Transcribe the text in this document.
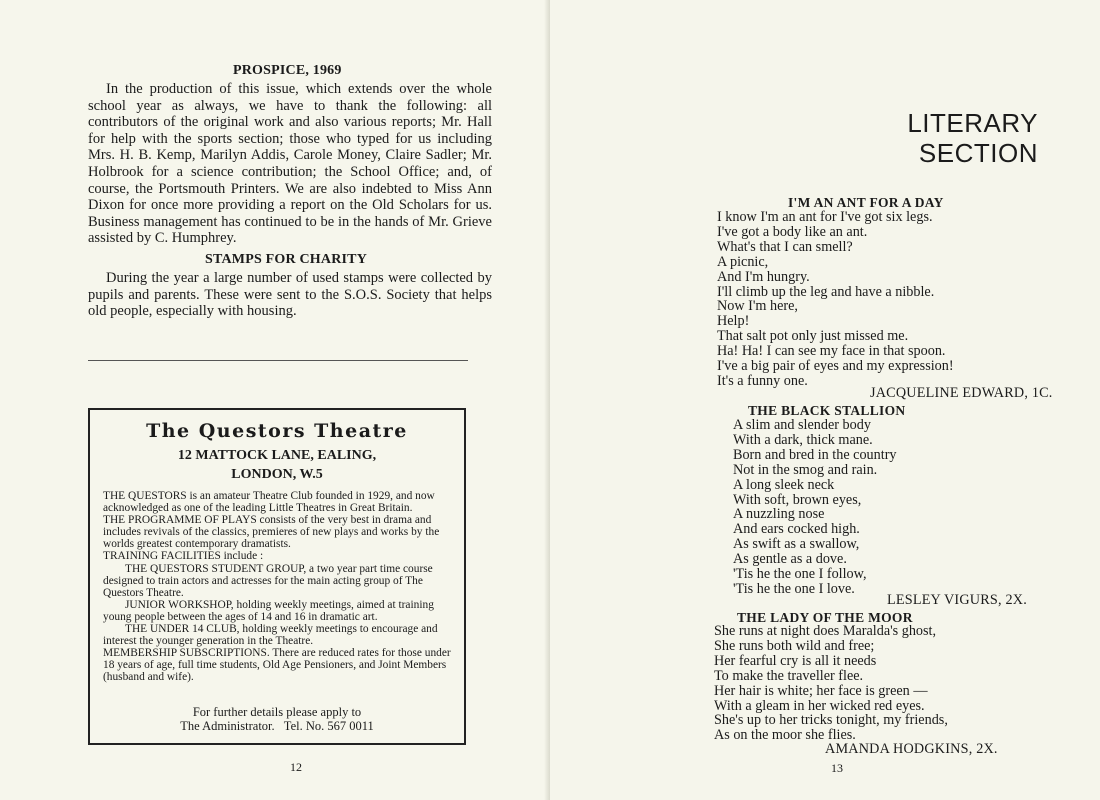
PROSPICE, 1969

In the production of this issue, which extends over the whole school year as always, we have to thank the following: all contributors of the original work and also various reports; Mr. Hall for help with the sports section; those who typed for us including Mrs. H. B. Kemp, Marilyn Addis, Carole Money, Claire Sadler; Mr. Holbrook for a science contribution; the School Office; and, of course, the Portsmouth Printers. We are also indebted to Miss Ann Dixon for once more providing a report on the Old Scholars for us. Business management has continued to be in the hands of Mr. Grieve assisted by C. Humphrey.

STAMPS FOR CHARITY

During the year a large number of used stamps were collected by pupils and parents. These were sent to the S.O.S. Society that helps old people, especially with housing.

The Questors Theatre
12 MATTOCK LANE, EALING,
LONDON, W.5
THE QUESTORS is an amateur Theatre Club founded in 1929, and now acknowledged as one of the leading Little Theatres in Great Britain.
THE PROGRAMME OF PLAYS consists of the very best in drama and includes revivals of the classics, premieres of new plays and works by the worlds greatest contemporary dramatists.
TRAINING FACILITIES include :
THE QUESTORS STUDENT GROUP, a two year part time course designed to train actors and actresses for the main acting group of The Questors Theatre.
JUNIOR WORKSHOP, holding weekly meetings, aimed at training young people between the ages of 14 and 16 in dramatic art.
THE UNDER 14 CLUB, holding weekly meetings to encourage and interest the younger generation in the Theatre.
MEMBERSHIP SUBSCRIPTIONS. There are reduced rates for those under 18 years of age, full time students, Old Age Pensioners, and Joint Members (husband and wife).
For further details please apply to
The Administrator.   Tel. No. 567 0011
12
LITERARY
SECTION
I'M AN ANT FOR A DAY
I know I'm an ant for I've got six legs.
I've got a body like an ant.
What's that I can smell?
A picnic,
And I'm hungry.
I'll climb up the leg and have a nibble.
Now I'm here,
Help!
That salt pot only just missed me.
Ha! Ha! I can see my face in that spoon.
I've a big pair of eyes and my expression!
It's a funny one.
JACQUELINE EDWARD, 1C.
THE BLACK STALLION
A slim and slender body
With a dark, thick mane.
Born and bred in the country
Not in the smog and rain.
A long sleek neck
With soft, brown eyes,
A nuzzling nose
And ears cocked high.
As swift as a swallow,
As gentle as a dove.
'Tis he the one I follow,
'Tis he the one I love.
LESLEY VIGURS, 2X.
THE LADY OF THE MOOR
She runs at night does Maralda's ghost,
She runs both wild and free;
Her fearful cry is all it needs
To make the traveller flee.
Her hair is white; her face is green —
With a gleam in her wicked red eyes.
She's up to her tricks tonight, my friends,
As on the moor she flies.
AMANDA HODGKINS, 2X.
13
